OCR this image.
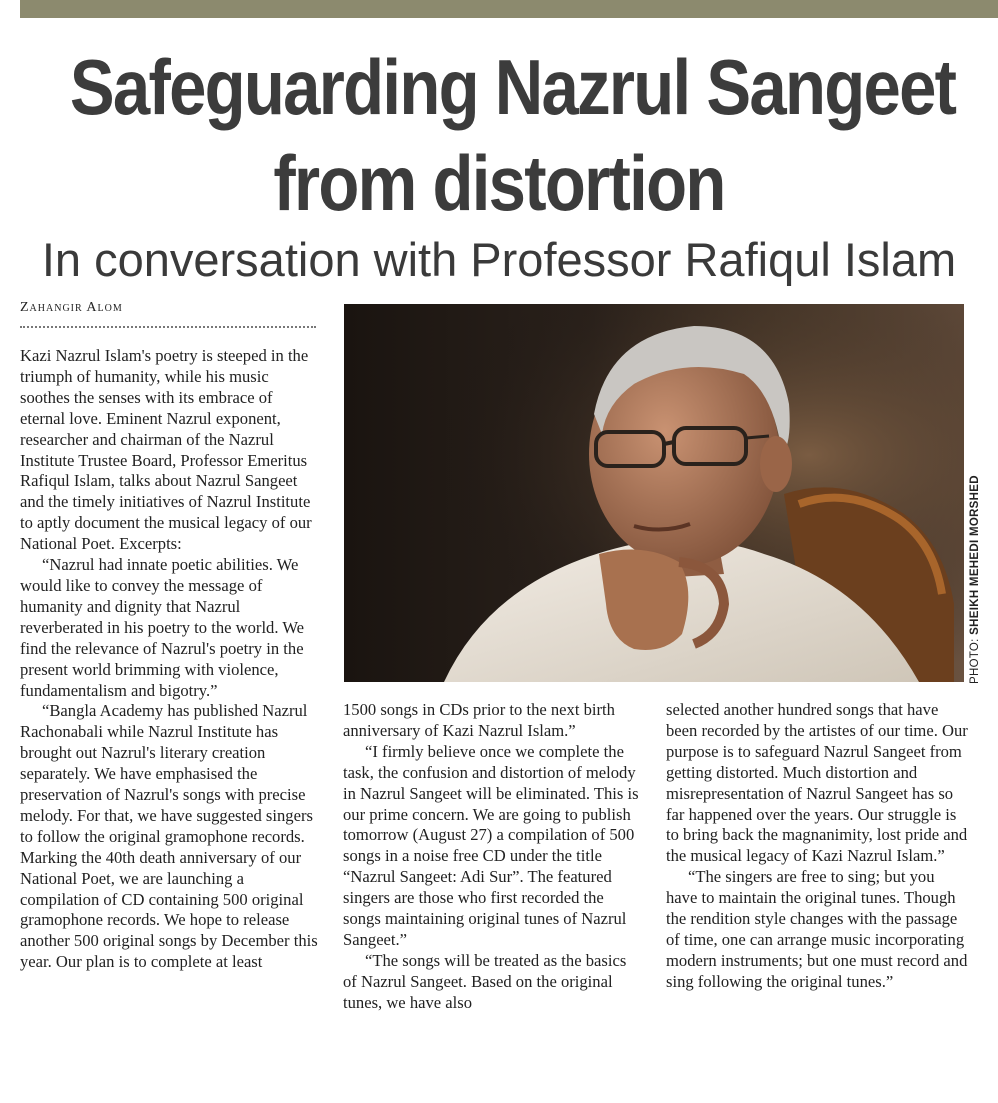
Safeguarding Nazrul Sangeet
from distortion
In conversation with Professor Rafiqul Islam
Zahangir Alom

Kazi Nazrul Islam's poetry is steeped in the triumph of humanity, while his music soothes the senses with its embrace of eternal love. Eminent Nazrul exponent, researcher and chairman of the Nazrul Institute Trustee Board, Professor Emeritus Rafiqul Islam, talks about Nazrul Sangeet and the timely initiatives of Nazrul Institute to aptly document the musical legacy of our National Poet. Excerpts:

“Nazrul had innate poetic abilities. We would like to convey the message of humanity and dignity that Nazrul reverberated in his poetry to the world. We find the relevance of Nazrul's poetry in the present world brimming with violence, fundamentalism and bigotry.”

“Bangla Academy has published Nazrul Rachonabali while Nazrul Institute has brought out Nazrul's literary creation separately. We have emphasised the preservation of Nazrul's songs with precise melody. For that, we have suggested singers to follow the original gramophone records. Marking the 40th death anniversary of our National Poet, we are launching a compilation of CD containing 500 original gramophone records. We hope to release another 500 original songs by December this year. Our plan is to complete at least

PHOTO: SHEIKH MEHEDI MORSHED

1500 songs in CDs prior to the next birth anniversary of Kazi Nazrul Islam.”

“I firmly believe once we complete the task, the confusion and distortion of melody in Nazrul Sangeet will be eliminated. This is our prime concern. We are going to publish tomorrow (August 27) a compilation of 500 songs in a noise free CD under the title “Nazrul Sangeet: Adi Sur”. The featured singers are those who first recorded the songs maintaining original tunes of Nazrul Sangeet.”

“The songs will be treated as the basics of Nazrul Sangeet. Based on the original tunes, we have also

selected another hundred songs that have been recorded by the artistes of our time. Our purpose is to safeguard Nazrul Sangeet from getting distorted. Much distortion and misrepresentation of Nazrul Sangeet has so far happened over the years. Our struggle is to bring back the magnanimity, lost pride and the musical legacy of Kazi Nazrul Islam.”

“The singers are free to sing; but you have to maintain the original tunes. Though the rendition style changes with the passage of time, one can arrange music incorporating modern instruments; but one must record and sing following the original tunes.”
